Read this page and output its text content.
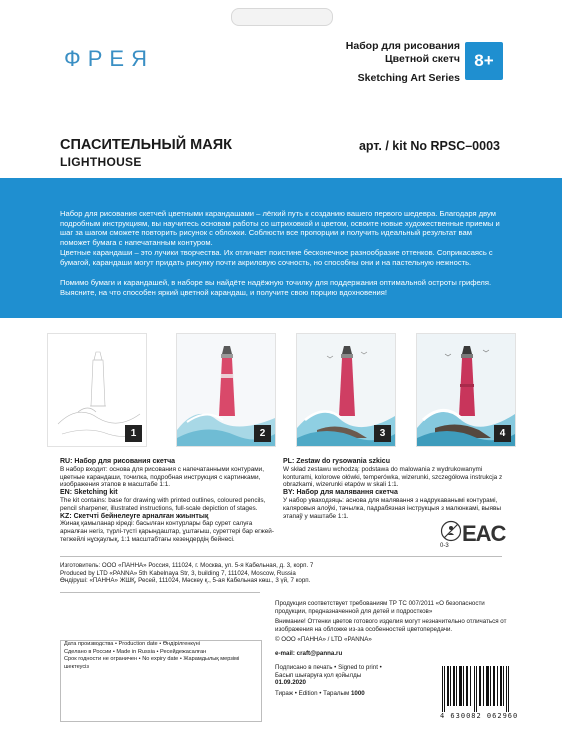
ФРЕЯ	Набор для рисования
Цветной скетч
Sketching Art Series
8+
СПАСИТЕЛЬНЫЙ МАЯК
LIGHTHOUSE
арт. / kit No RPSC–0003

Набор для рисования скетчей цветными карандашами – лёгкий путь к созданию вашего первого шедевра. Благодаря двум подробным инструкциям, вы научитесь основам работы со штриховкой и цветом, освоите новые художественные приемы и шаг за шагом сможете повторить рисунок с обложки. Соблюсти все пропорции и получить идеальный результат вам поможет бумага с напечатанным контуром.

Цветные карандаши – это лучики творчества. Их отличает поистине бесконечное разнообразие оттенков. Соприкасаясь с бумагой, карандаши могут придать рисунку почти акриловую сочность, но способны они и на пастельную нежность.

Помимо бумаги и карандашей, в наборе вы найдёте надёжную точилку для поддержания оптимальной остроты грифеля. Выясните, на что способен яркий цветной карандаш, и получите свою порцию вдохновения!

1	2	3	4
RU: Набор для рисования скетча
В набор входит: основа для рисования с напечатанными контурами, цветные карандаши, точилка, подробная инструкция с картинками, изображения этапов в масштабе 1:1.
EN: Sketching kit
The kit contains: base for drawing with printed outlines, coloured pencils, pencil sharpener, illustrated instructions, full-scale depiction of stages.
KZ: Скетчті бейнелеуге арналған жиынтық
Жинақ қамыланар кіреді: басылған контурлары бар сурет салуға арналған негіз, түрлі-түсті қарындаштар, ұштағыш, суреттері бар егжей-тегжейлі нұсқаулық, 1:1 масштабтағы кезеңдердің бейнесі.
PL: Zestaw do rysowania szkicu
W skład zestawu wchodzą: podstawa do malowania z wydrukowanymi konturami, kolorowe ołówki, temperówka, wizerunki, szczegółowa instrukcja z obrazkami, wizerunki etapów w skali 1:1.
BY: Набор для малявання скетча
У набор уваходзяць: аснова для малявання з надрукаванымі контурамі, каляровыя алоўкі, тачылка, падрабязная інструкцыя з малюнкамі, выявы этапаў у маштабе 1:1.
0-3 EAC
Изготовитель: ООО «ПАННА» Россия, 111024, г. Москва, ул. 5-я Кабельная, д. 3, корп. 7
Produced by LTD «PANNA» 5th Kabelnaya Str, 3, building 7, 111024, Moscow, Russia
Өндіруші: «ПАННА» ЖШҚ, Ресей, 111024, Мәскеу қ., 5-ая Кабельная көш., 3 үй, 7 корп.
Продукция соответствует требованиям ТР ТС 007/2011 «О безопасности продукции, предназначенной для детей и подростков»
Внимание! Оттенки цветов готового изделия могут незначительно отличаться от изображения на обложке из-за особенностей цветопередачи.
© ООО «ПАННА» / LTD «PANNA»
e-mail: craft@panna.ru
Подписано в печать • Signed to print •
Басып шығаруға қол қойылды
01.09.2020
Тираж • Edition • Таралым 1000
Дата производства • Production date • Өндірілгенкүні
Сделано в России • Made in Russia • Ресейдежасалған
Срок годности не ограничен • No expiry date • Жарамдылық мерзімі шектеусіз
4 630082 062960
